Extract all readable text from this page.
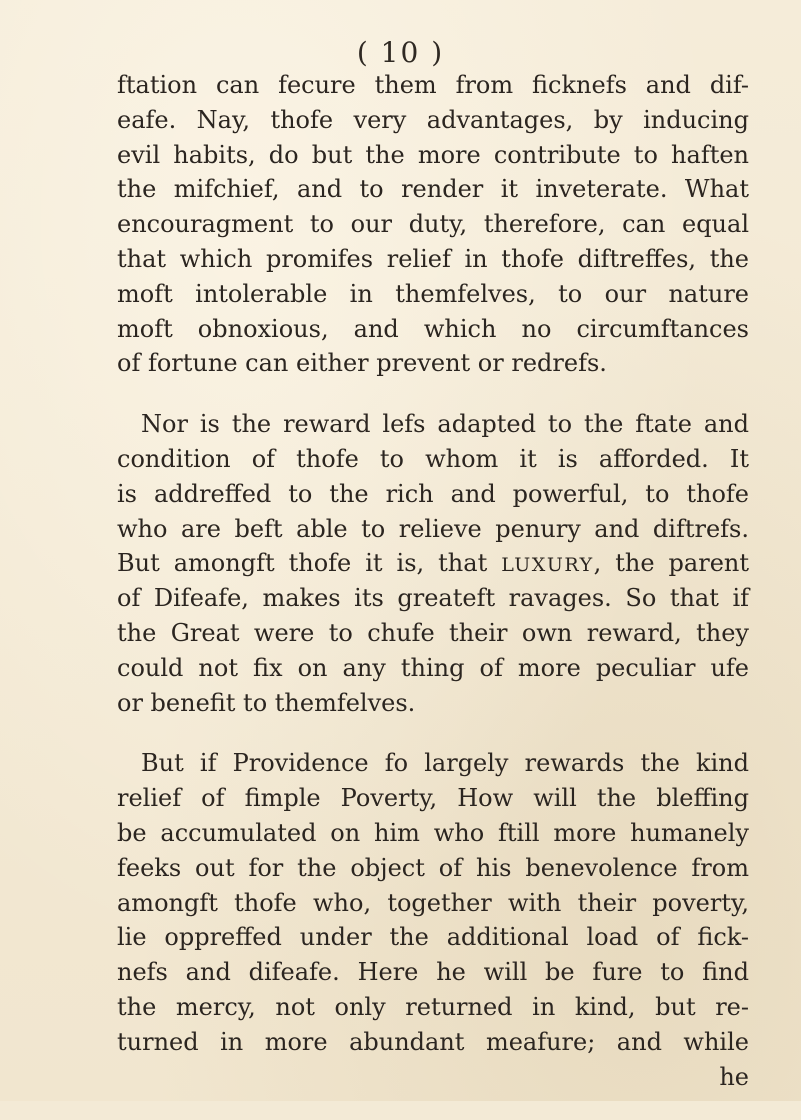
( 10 )
ftation can fecure them from ficknefs and dif-
eafe. Nay, thofe very advantages, by inducing
evil habits, do but the more contribute to haften
the mifchief, and to render it inveterate. What
encouragment to our duty, therefore, can equal
that which promifes relief in thofe diftreffes, the
moft intolerable in themfelves, to our nature
moft obnoxious, and which no circumftances
of fortune can either prevent or redrefs.
Nor is the reward lefs adapted to the ftate and
condition of thofe to whom it is afforded. It
is addreffed to the rich and powerful, to thofe
who are beft able to relieve penury and diftrefs.
But amongft thofe it is, that LUXURY, the parent
of Difeafe, makes its greateft ravages. So that if
the Great were to chufe their own reward, they
could not fix on any thing of more peculiar ufe
or benefit to themfelves.
But if Providence fo largely rewards the kind
relief of fimple Poverty, How will the bleffing
be accumulated on him who ftill more humanely
feeks out for the object of his benevolence from
amongft thofe who, together with their poverty,
lie oppreffed under the additional load of fick-
nefs and difeafe. Here he will be fure to find
the mercy, not only returned in kind, but re-
turned in more abundant meafure; and while
he
